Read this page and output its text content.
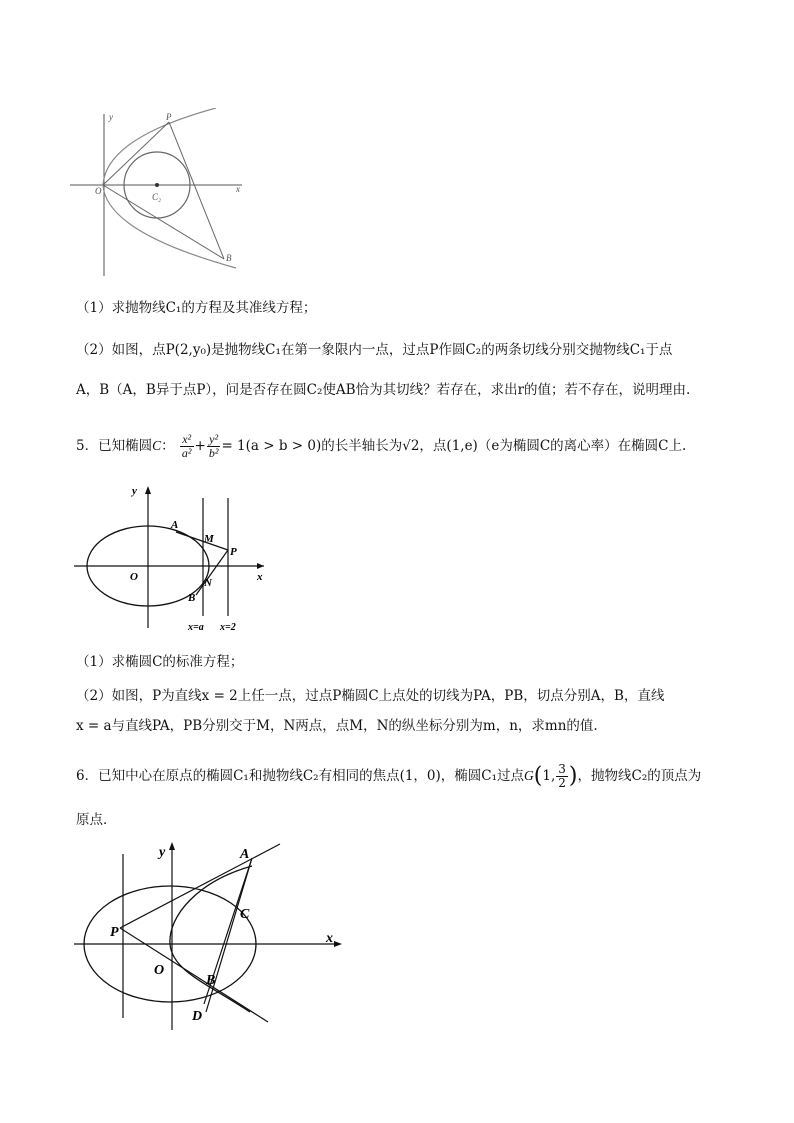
y
x
O
P
C₂
B
（1）求抛物线C₁的方程及其准线方程；
（2）如图，点P(2,y₀)是抛物线C₁在第一象限内一点，过点P作圆C₂的两条切线分别交抛物线C₁于点
A，B（A，B异于点P），问是否存在圆C₂使AB恰为其切线？若存在，求出r的值；若不存在，说明理由.
5．已知椭圆C： $\frac{\text{x²}}{\text{a²}} + \frac{\text{y²}}{\text{b²}} = 1(a > b > 0)$的长半轴长为√2，点(1,e)（e为椭圆C的离心率）在椭圆C上.
y
x
O
A
M
P
N
B
x=a x=2
（1）求椭圆C的标准方程；
（2）如图，P为直线x = 2上任一点，过点P椭圆C上点处的切线为PA，PB，切点分别A，B，直线
x = a与直线PA，PB分别交于M，N两点，点M，N的纵坐标分别为m，n，求mn的值.
6．已知中心在原点的椭圆C₁和抛物线C₂有相同的焦点(1，0)，椭圆C₁过点G(1, $\frac{3}{2}$ )，抛物线C₂的顶点为
原点．
y
x
A
P
C
O
B
D
